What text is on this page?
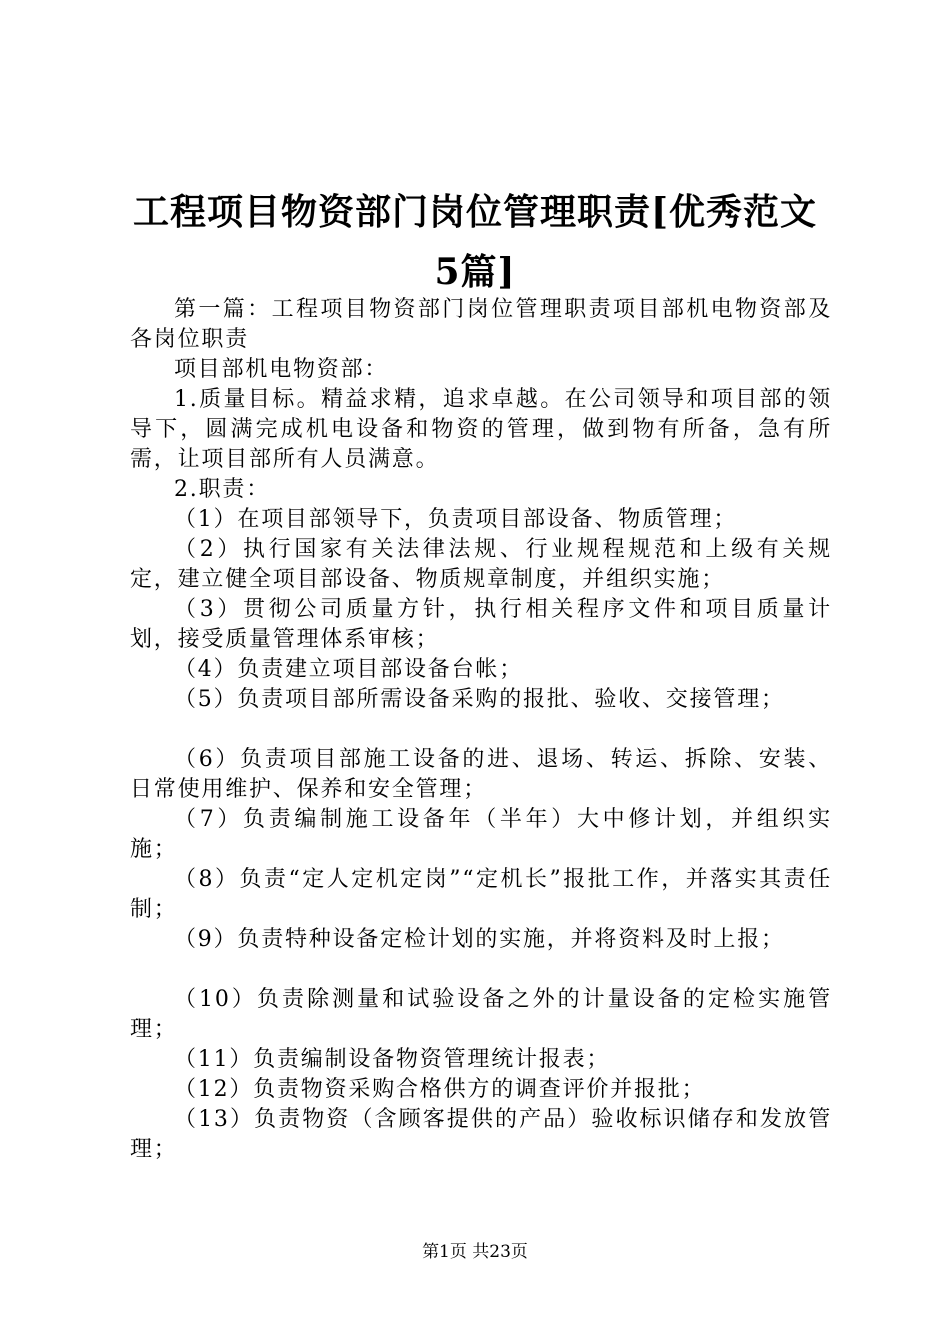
工程项目物资部门岗位管理职责[优秀范文5篇]

第一篇：工程项目物资部门岗位管理职责项目部机电物资部及各岗位职责

项目部机电物资部：

1.质量目标。精益求精，追求卓越。在公司领导和项目部的领导下，圆满完成机电设备和物资的管理，做到物有所备，急有所需，让项目部所有人员满意。

2.职责：

（1）在项目部领导下，负责项目部设备、物质管理；

（2）执行国家有关法律法规、行业规程规范和上级有关规定，建立健全项目部设备、物质规章制度，并组织实施；

（3）贯彻公司质量方针，执行相关程序文件和项目质量计划，接受质量管理体系审核；

（4）负责建立项目部设备台帐；

（5）负责项目部所需设备采购的报批、验收、交接管理；

（6）负责项目部施工设备的进、退场、转运、拆除、安装、日常使用维护、保养和安全管理；

（7）负责编制施工设备年（半年）大中修计划，并组织实施；

（8）负责“定人定机定岗”“定机长”报批工作，并落实其责任制；

（9）负责特种设备定检计划的实施，并将资料及时上报；

（10）负责除测量和试验设备之外的计量设备的定检实施管理；

（11）负责编制设备物资管理统计报表；

（12）负责物资采购合格供方的调查评价并报批；

（13）负责物资（含顾客提供的产品）验收标识储存和发放管理；

第1页 共23页
